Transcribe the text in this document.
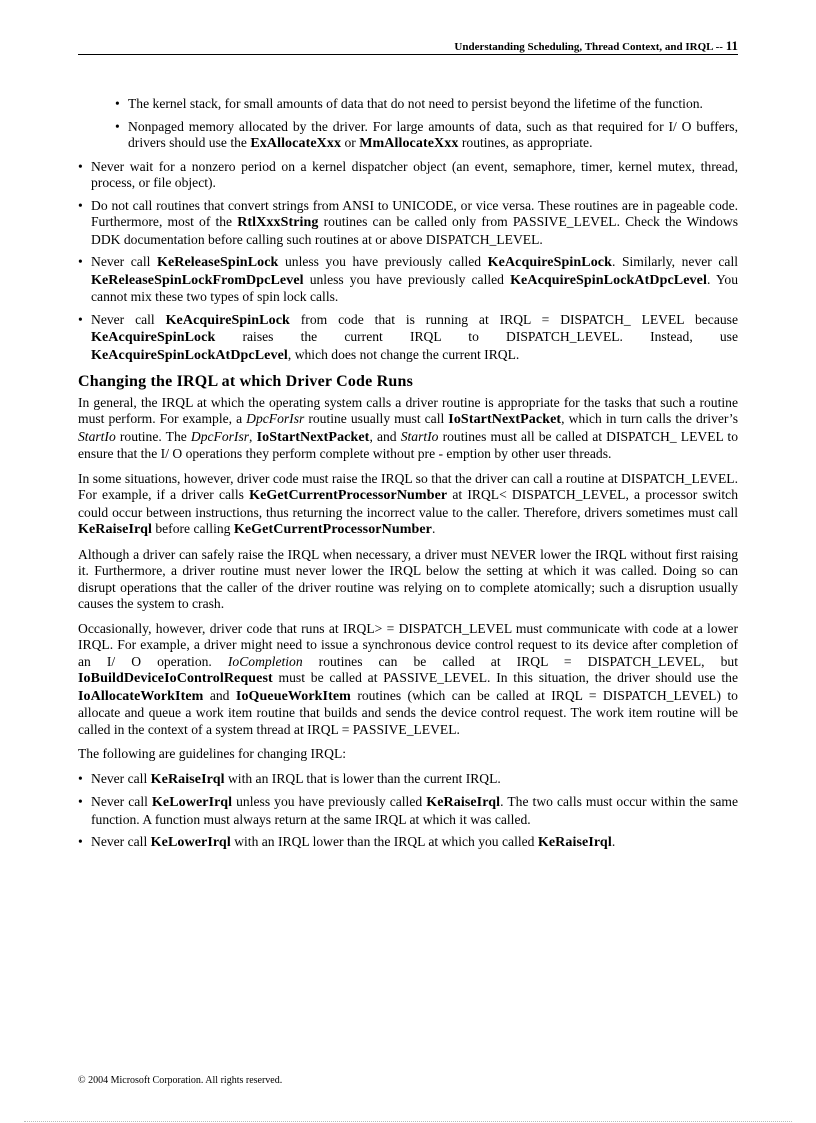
Understanding Scheduling, Thread Context, and IRQL -- 11
• The kernel stack, for small amounts of data that do not need to persist beyond the lifetime of the function.
• Nonpaged memory allocated by the driver. For large amounts of data, such as that required for I/ O buffers, drivers should use the ExAllocateXxx or MmAllocateXxx routines, as appropriate.
• Never wait for a nonzero period on a kernel dispatcher object (an event, semaphore, timer, kernel mutex, thread, process, or file object).
• Do not call routines that convert strings from ANSI to UNICODE, or vice versa. These routines are in pageable code. Furthermore, most of the RtlXxxString routines can be called only from PASSIVE_LEVEL. Check the Windows DDK documentation before calling such routines at or above DISPATCH_LEVEL.
• Never call KeReleaseSpinLock unless you have previously called KeAcquireSpinLock. Similarly, never call KeReleaseSpinLockFromDpcLevel unless you have previously called KeAcquireSpinLockAtDpcLevel. You cannot mix these two types of spin lock calls.
• Never call KeAcquireSpinLock from code that is running at IRQL = DISPATCH_ LEVEL because KeAcquireSpinLock raises the current IRQL to DISPATCH_LEVEL. Instead, use KeAcquireSpinLockAtDpcLevel, which does not change the current IRQL.
Changing the IRQL at which Driver Code Runs

In general, the IRQL at which the operating system calls a driver routine is appropriate for the tasks that such a routine must perform. For example, a DpcForIsr routine usually must call IoStartNextPacket, which in turn calls the driver’s StartIo routine. The DpcForIsr, IoStartNextPacket, and StartIo routines must all be called at DISPATCH_ LEVEL to ensure that the I/ O operations they perform complete without pre - emption by other user threads.

In some situations, however, driver code must raise the IRQL so that the driver can call a routine at DISPATCH_LEVEL. For example, if a driver calls KeGetCurrentProcessorNumber at IRQL< DISPATCH_LEVEL, a processor switch could occur between instructions, thus returning the incorrect value to the caller. Therefore, drivers sometimes must call KeRaiseIrql before calling KeGetCurrentProcessorNumber.

Although a driver can safely raise the IRQL when necessary, a driver must NEVER lower the IRQL without first raising it. Furthermore, a driver routine must never lower the IRQL below the setting at which it was called. Doing so can disrupt operations that the caller of the driver routine was relying on to complete atomically; such a disruption usually causes the system to crash.

Occasionally, however, driver code that runs at IRQL> = DISPATCH_LEVEL must communicate with code at a lower IRQL. For example, a driver might need to issue a synchronous device control request to its device after completion of an I/ O operation. IoCompletion routines can be called at IRQL = DISPATCH_LEVEL, but IoBuildDeviceIoControlRequest must be called at PASSIVE_LEVEL. In this situation, the driver should use the IoAllocateWorkItem and IoQueueWorkItem routines (which can be called at IRQL = DISPATCH_LEVEL) to allocate and queue a work item routine that builds and sends the device control request. The work item routine will be called in the context of a system thread at IRQL = PASSIVE_LEVEL.

The following are guidelines for changing IRQL:

• Never call KeRaiseIrql with an IRQL that is lower than the current IRQL.
• Never call KeLowerIrql unless you have previously called KeRaiseIrql. The two calls must occur within the same function. A function must always return at the same IRQL at which it was called.
• Never call KeLowerIrql with an IRQL lower than the IRQL at which you called KeRaiseIrql.
© 2004 Microsoft Corporation. All rights reserved.
